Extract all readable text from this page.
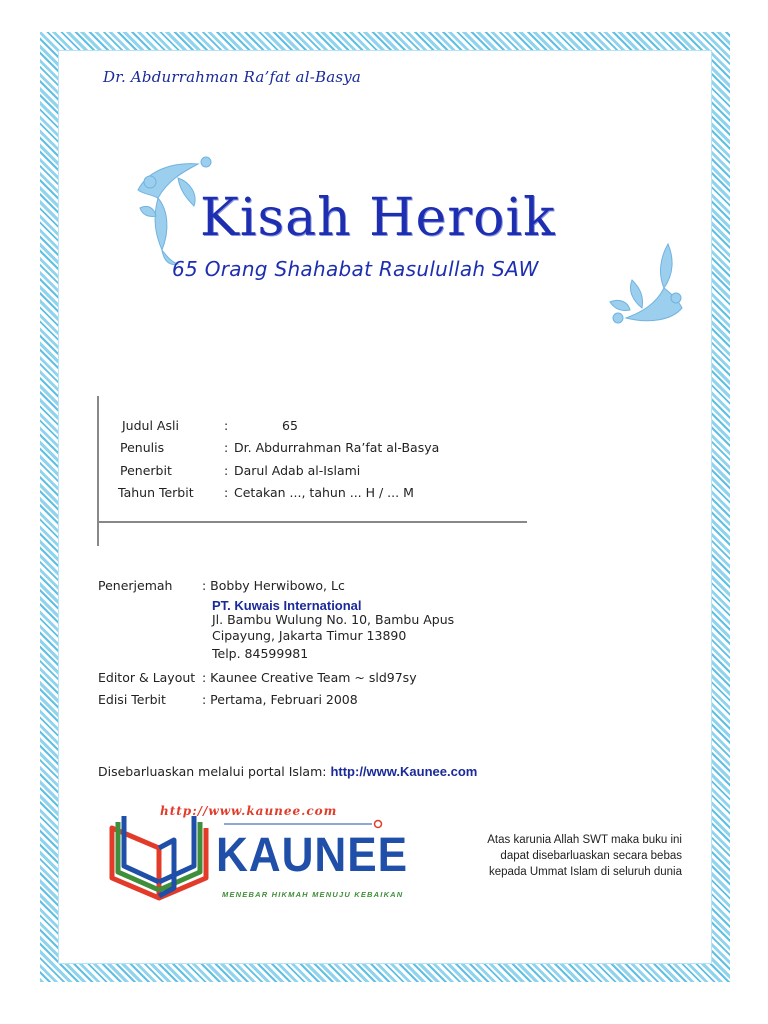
Dr. Abdurrahman Ra’fat al-Basya
Kisah Heroik
65 Orang Shahabat Rasulullah SAW
Judul Asli	:	65
Penulis	: Dr. Abdurrahman Ra’fat al-Basya
Penerbit	: Darul Adab al-Islami
Tahun Terbit : Cetakan ..., tahun ... H / ... M
Penerjemah : Bobby Herwibowo, Lc
PT. Kuwais International
Jl. Bambu Wulung No. 10, Bambu Apus
Cipayung, Jakarta Timur 13890
Telp. 84599981
Editor & Layout : Kaunee Creative Team ~ sld97sy
Edisi Terbit	: Pertama, Februari 2008
Disebarluaskan melalui portal Islam: http://www.Kaunee.com
http://www.kaunee.com
KAUNEE
MENEBAR HIKMAH MENUJU KEBAIKAN
Atas karunia Allah SWT maka buku ini
dapat disebarluaskan secara bebas
kepada Ummat Islam di seluruh dunia
